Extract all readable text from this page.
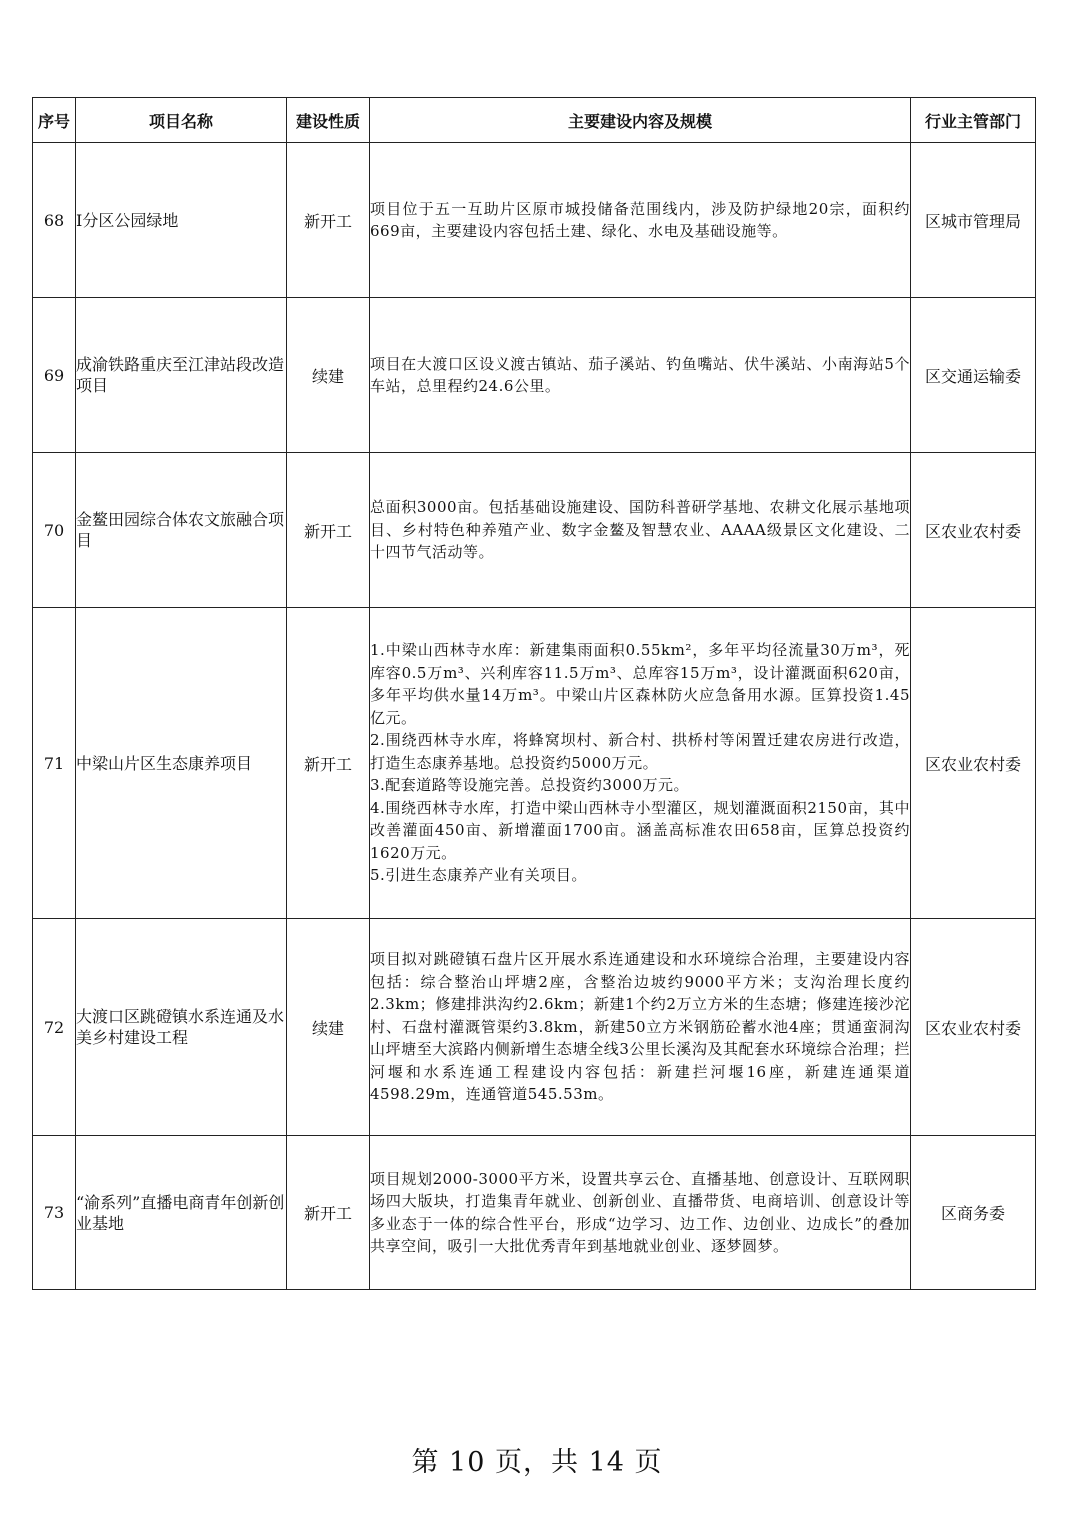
序号	项目名称	建设性质	主要建设内容及规模	行业主管部门
68	I分区公园绿地	新开工	项目位于五一互助片区原市城投储备范围线内，涉及防护绿地20宗，面积约669亩，主要建设内容包括土建、绿化、水电及基础设施等。	区城市管理局
69	成渝铁路重庆至江津站段改造项目	续建	项目在大渡口区设义渡古镇站、茄子溪站、钓鱼嘴站、伏牛溪站、小南海站5个车站，总里程约24.6公里。	区交通运输委
70	金鳌田园综合体农文旅融合项目	新开工	总面积3000亩。包括基础设施建设、国防科普研学基地、农耕文化展示基地项目、乡村特色种养殖产业、数字金鳌及智慧农业、AAAA级景区文化建设、二十四节气活动等。	区农业农村委
71	中梁山片区生态康养项目	新开工	1.中梁山西林寺水库：新建集雨面积0.55km²，多年平均径流量30万m³，死库容0.5万m³、兴利库容11.5万m³、总库容15万m³，设计灌溉面积620亩，多年平均供水量14万m³。中梁山片区森林防火应急备用水源。匡算投资1.45亿元。
2.围绕西林寺水库，将蜂窝坝村、新合村、拱桥村等闲置迁建农房进行改造，打造生态康养基地。总投资约5000万元。
3.配套道路等设施完善。总投资约3000万元。
4.围绕西林寺水库，打造中梁山西林寺小型灌区，规划灌溉面积2150亩，其中改善灌面450亩、新增灌面1700亩。涵盖高标准农田658亩，匡算总投资约1620万元。
5.引进生态康养产业有关项目。	区农业农村委
72	大渡口区跳磴镇水系连通及水美乡村建设工程	续建	项目拟对跳磴镇石盘片区开展水系连通建设和水环境综合治理，主要建设内容包括：综合整治山坪塘2座，含整治边坡约9000平方米；支沟治理长度约2.3km；修建排洪沟约2.6km；新建1个约2万立方米的生态塘；修建连接沙沱村、石盘村灌溉管渠约3.8km，新建50立方米钢筋砼蓄水池4座；贯通蛮洞沟山坪塘至大滨路内侧新增生态塘全线3公里长溪沟及其配套水环境综合治理；拦河堰和水系连通工程建设内容包括：新建拦河堰16座，新建连通渠道4598.29m，连通管道545.53m。	区农业农村委
73	“渝系列”直播电商青年创新创业基地	新开工	项目规划2000-3000平方米，设置共享云仓、直播基地、创意设计、互联网职场四大版块，打造集青年就业、创新创业、直播带货、电商培训、创意设计等多业态于一体的综合性平台，形成“边学习、边工作、边创业、边成长”的叠加共享空间，吸引一大批优秀青年到基地就业创业、逐梦圆梦。	区商务委
第 10 页，共 14 页
